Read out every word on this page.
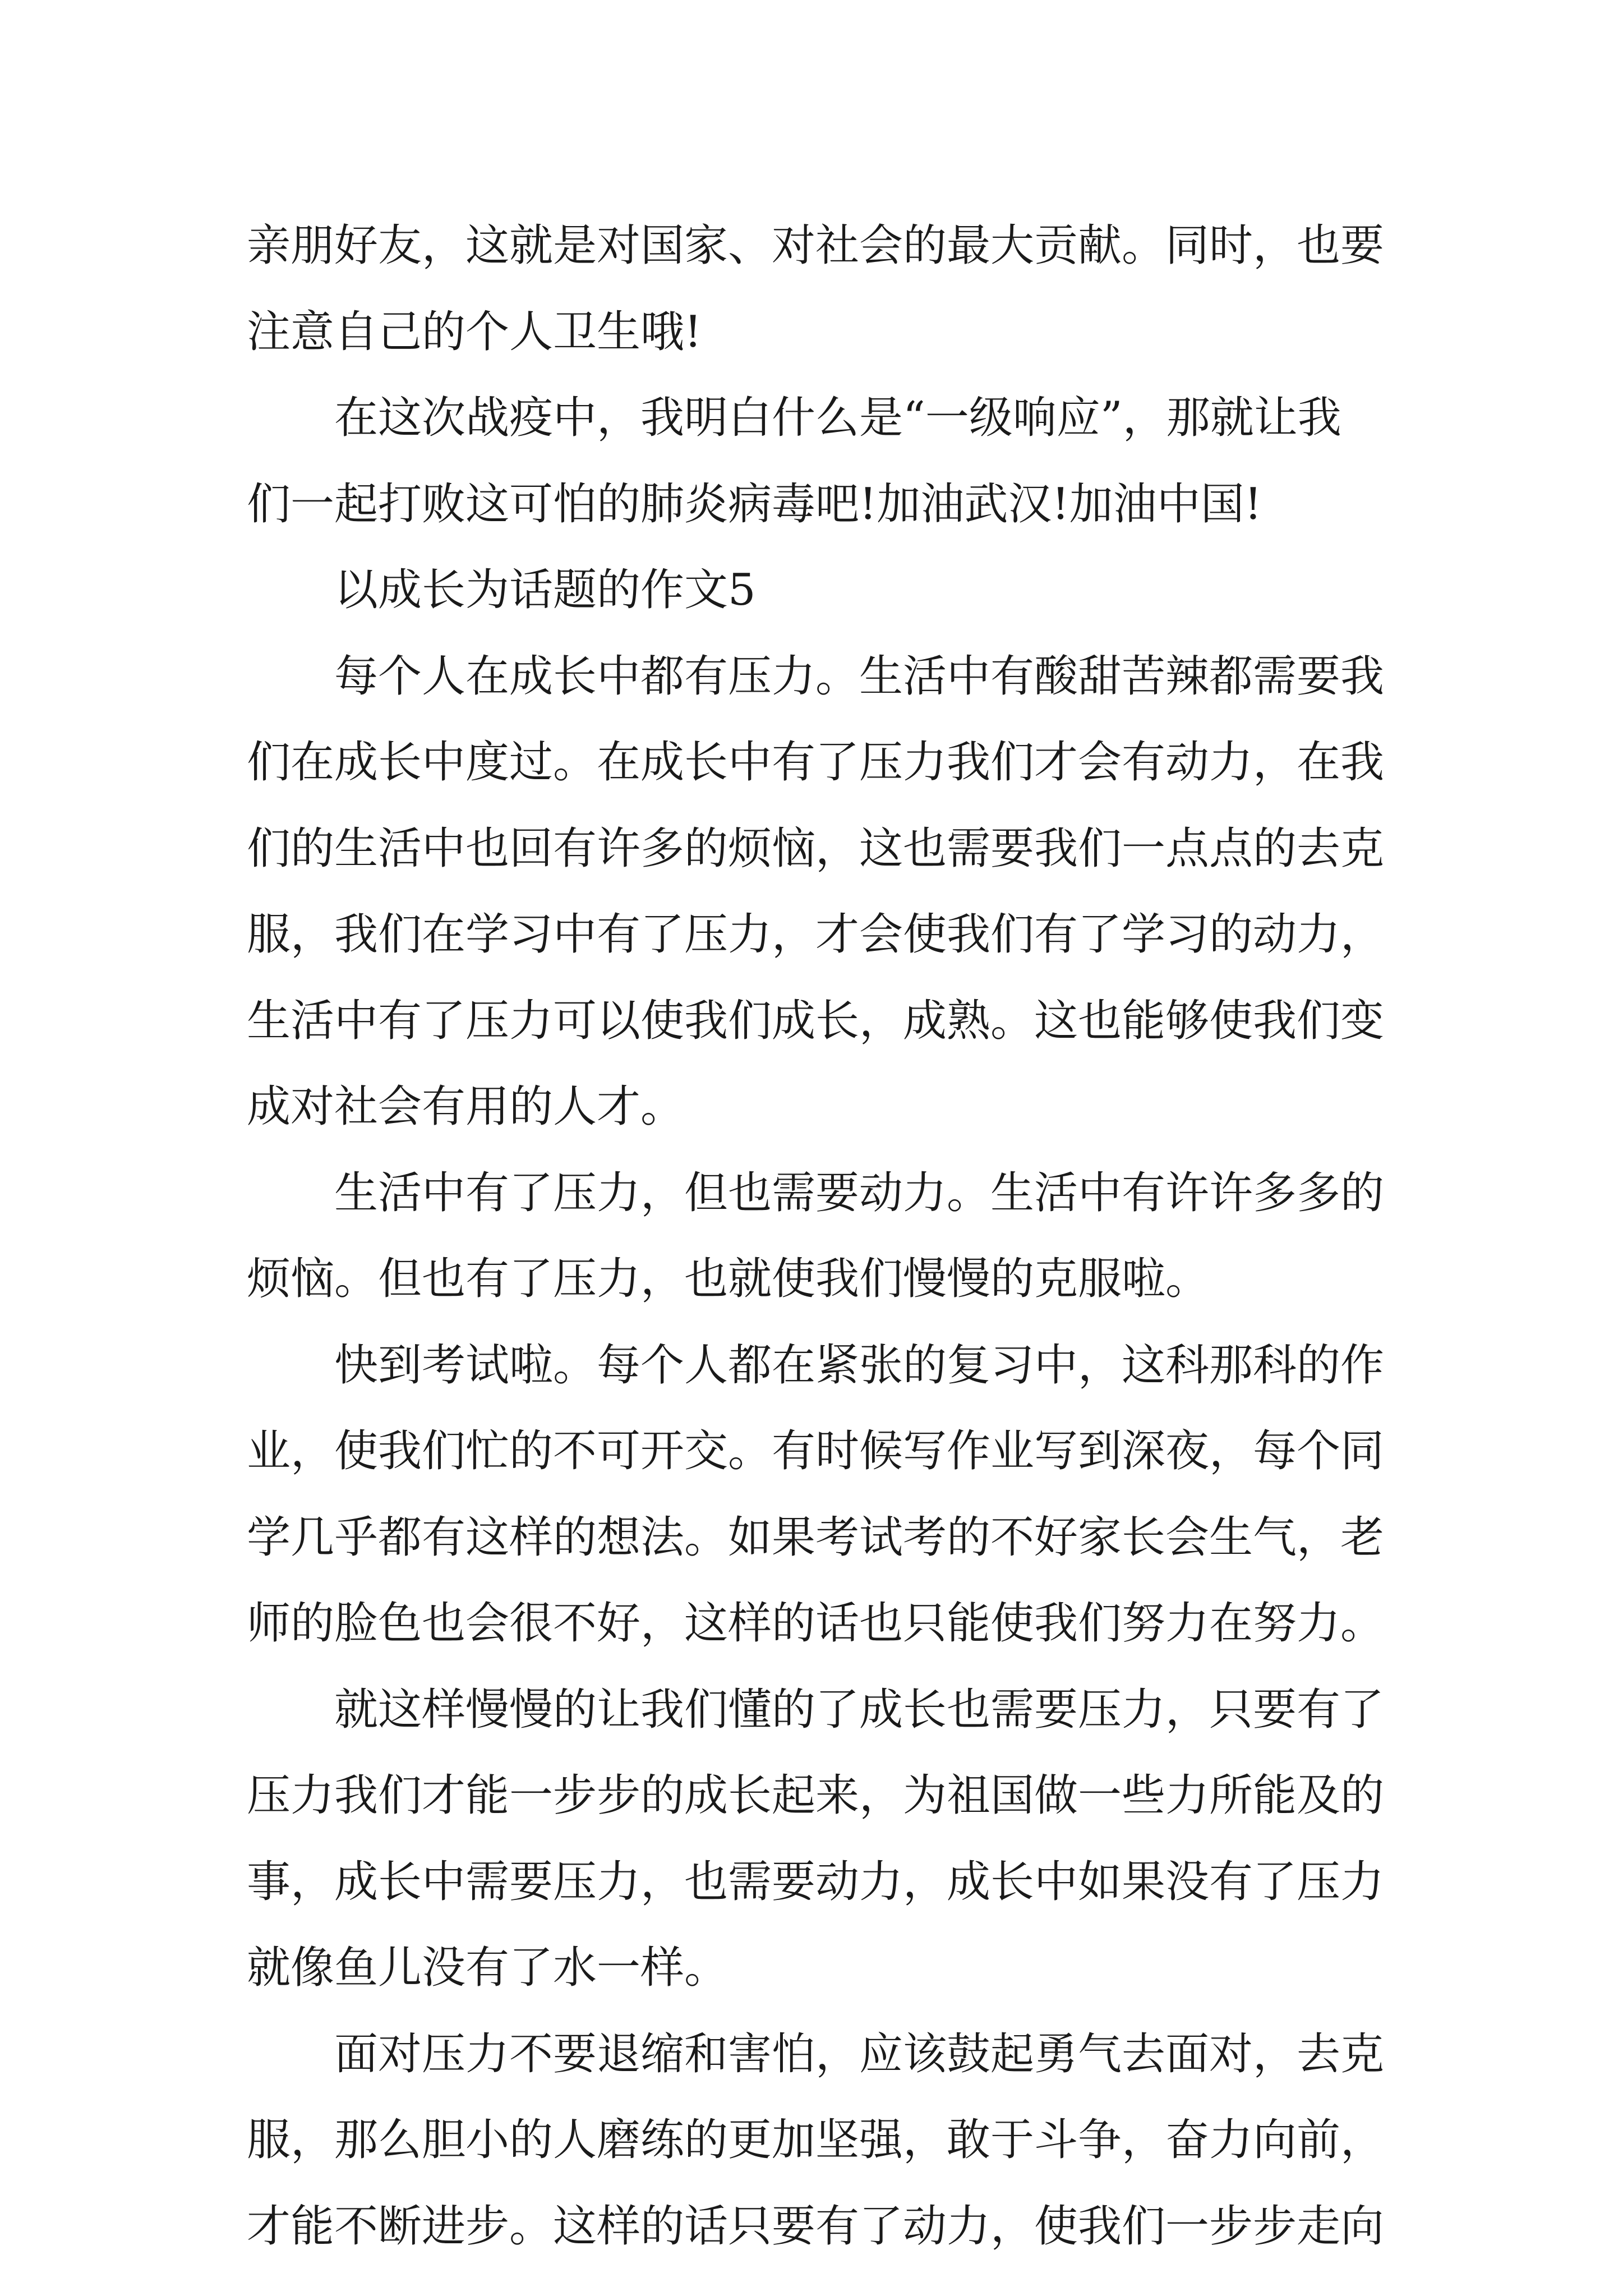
亲朋好友，这就是对国家、对社会的最大贡献。同时，也要
注意自己的个人卫生哦!
在这次战疫中，我明白什么是“一级响应”，那就让我
们一起打败这可怕的肺炎病毒吧!加油武汉!加油中国!
以成长为话题的作文5
每个人在成长中都有压力。生活中有酸甜苦辣都需要我
们在成长中度过。在成长中有了压力我们才会有动力，在我
们的生活中也回有许多的烦恼，这也需要我们一点点的去克
服，我们在学习中有了压力，才会使我们有了学习的动力，
生活中有了压力可以使我们成长，成熟。这也能够使我们变
成对社会有用的人才。
生活中有了压力，但也需要动力。生活中有许许多多的
烦恼。但也有了压力，也就使我们慢慢的克服啦。
快到考试啦。每个人都在紧张的复习中，这科那科的作
业，使我们忙的不可开交。有时候写作业写到深夜，每个同
学几乎都有这样的想法。如果考试考的不好家长会生气，老
师的脸色也会很不好，这样的话也只能使我们努力在努力。
就这样慢慢的让我们懂的了成长也需要压力，只要有了
压力我们才能一步步的成长起来，为祖国做一些力所能及的
事，成长中需要压力，也需要动力，成长中如果没有了压力
就像鱼儿没有了水一样。
面对压力不要退缩和害怕，应该鼓起勇气去面对，去克
服，那么胆小的人磨练的更加坚强，敢于斗争，奋力向前，
才能不断进步。这样的话只要有了动力，使我们一步步走向
